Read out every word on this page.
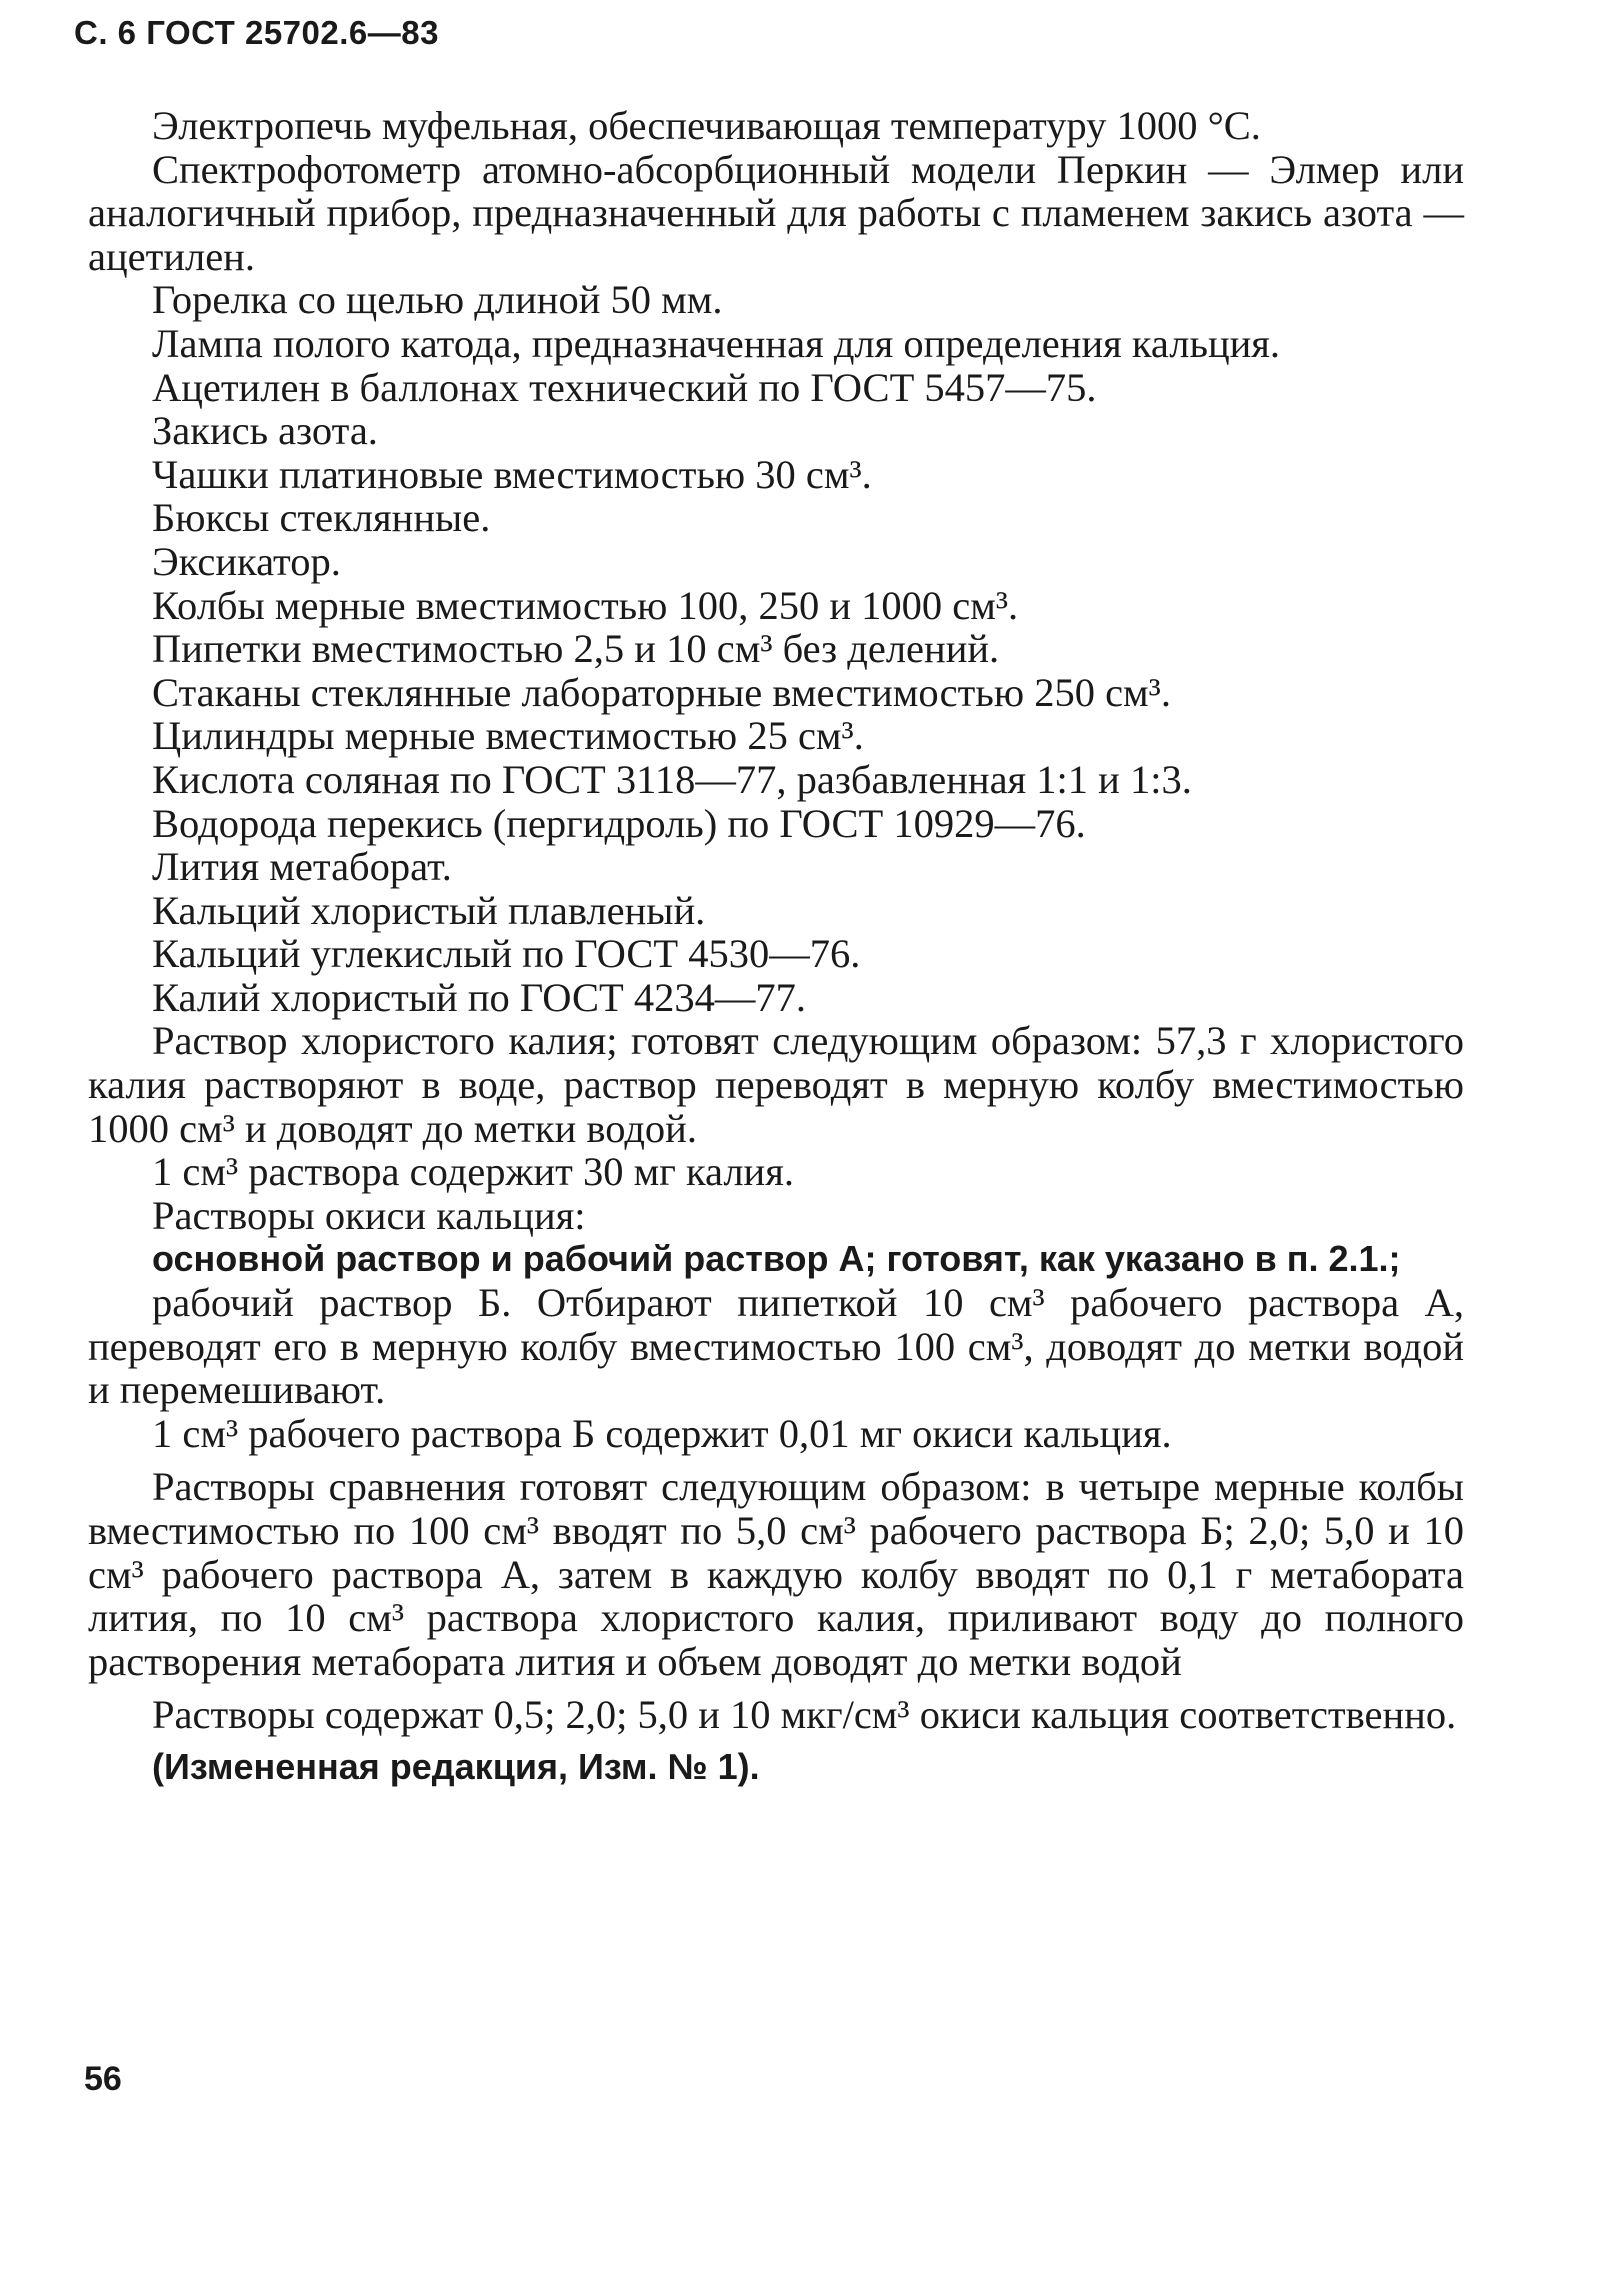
С. 6 ГОСТ 25702.6—83

Электропечь муфельная, обеспечивающая температуру 1000 °С.

Спектрофотометр атомно-абсорбционный модели Перкин — Элмер или аналогичный прибор, предназначенный для работы с пламенем закись азота — ацетилен.

Горелка со щелью длиной 50 мм.

Лампа полого катода, предназначенная для определения кальция.

Ацетилен в баллонах технический по ГОСТ 5457—75.

Закись азота.

Чашки платиновые вместимостью 30 см³.

Бюксы стеклянные.

Эксикатор.

Колбы мерные вместимостью 100, 250 и 1000 см³.

Пипетки вместимостью 2,5 и 10 см³ без делений.

Стаканы стеклянные лабораторные вместимостью 250 см³.

Цилиндры мерные вместимостью 25 см³.

Кислота соляная по ГОСТ 3118—77, разбавленная 1:1 и 1:3.

Водорода перекись (пергидроль) по ГОСТ 10929—76.

Лития метаборат.

Кальций хлористый плавленый.

Кальций углекислый по ГОСТ 4530—76.

Калий хлористый по ГОСТ 4234—77.

Раствор хлористого калия; готовят следующим образом: 57,3 г хлористого калия растворяют в воде, раствор переводят в мерную колбу вместимостью 1000 см³ и доводят до метки водой.

1 см³ раствора содержит 30 мг калия.

Растворы окиси кальция:

основной раствор и рабочий раствор А; готовят, как указано в п. 2.1.;

рабочий раствор Б. Отбирают пипеткой 10 см³ рабочего раствора А, переводят его в мерную колбу вместимостью 100 см³, доводят до метки водой и перемешивают.

1 см³ рабочего раствора Б содержит 0,01 мг окиси кальция.

Растворы сравнения готовят следующим образом: в четыре мерные колбы вместимостью по 100 см³ вводят по 5,0 см³ рабочего раствора Б; 2,0; 5,0 и 10 см³ рабочего раствора А, затем в каждую колбу вводят по 0,1 г метабората лития, по 10 см³ раствора хлористого калия, приливают воду до полного растворения метабората лития и объем доводят до метки водой

Растворы содержат 0,5; 2,0; 5,0 и 10 мкг/см³ окиси кальция соответственно.

(Измененная редакция, Изм. № 1).

56
